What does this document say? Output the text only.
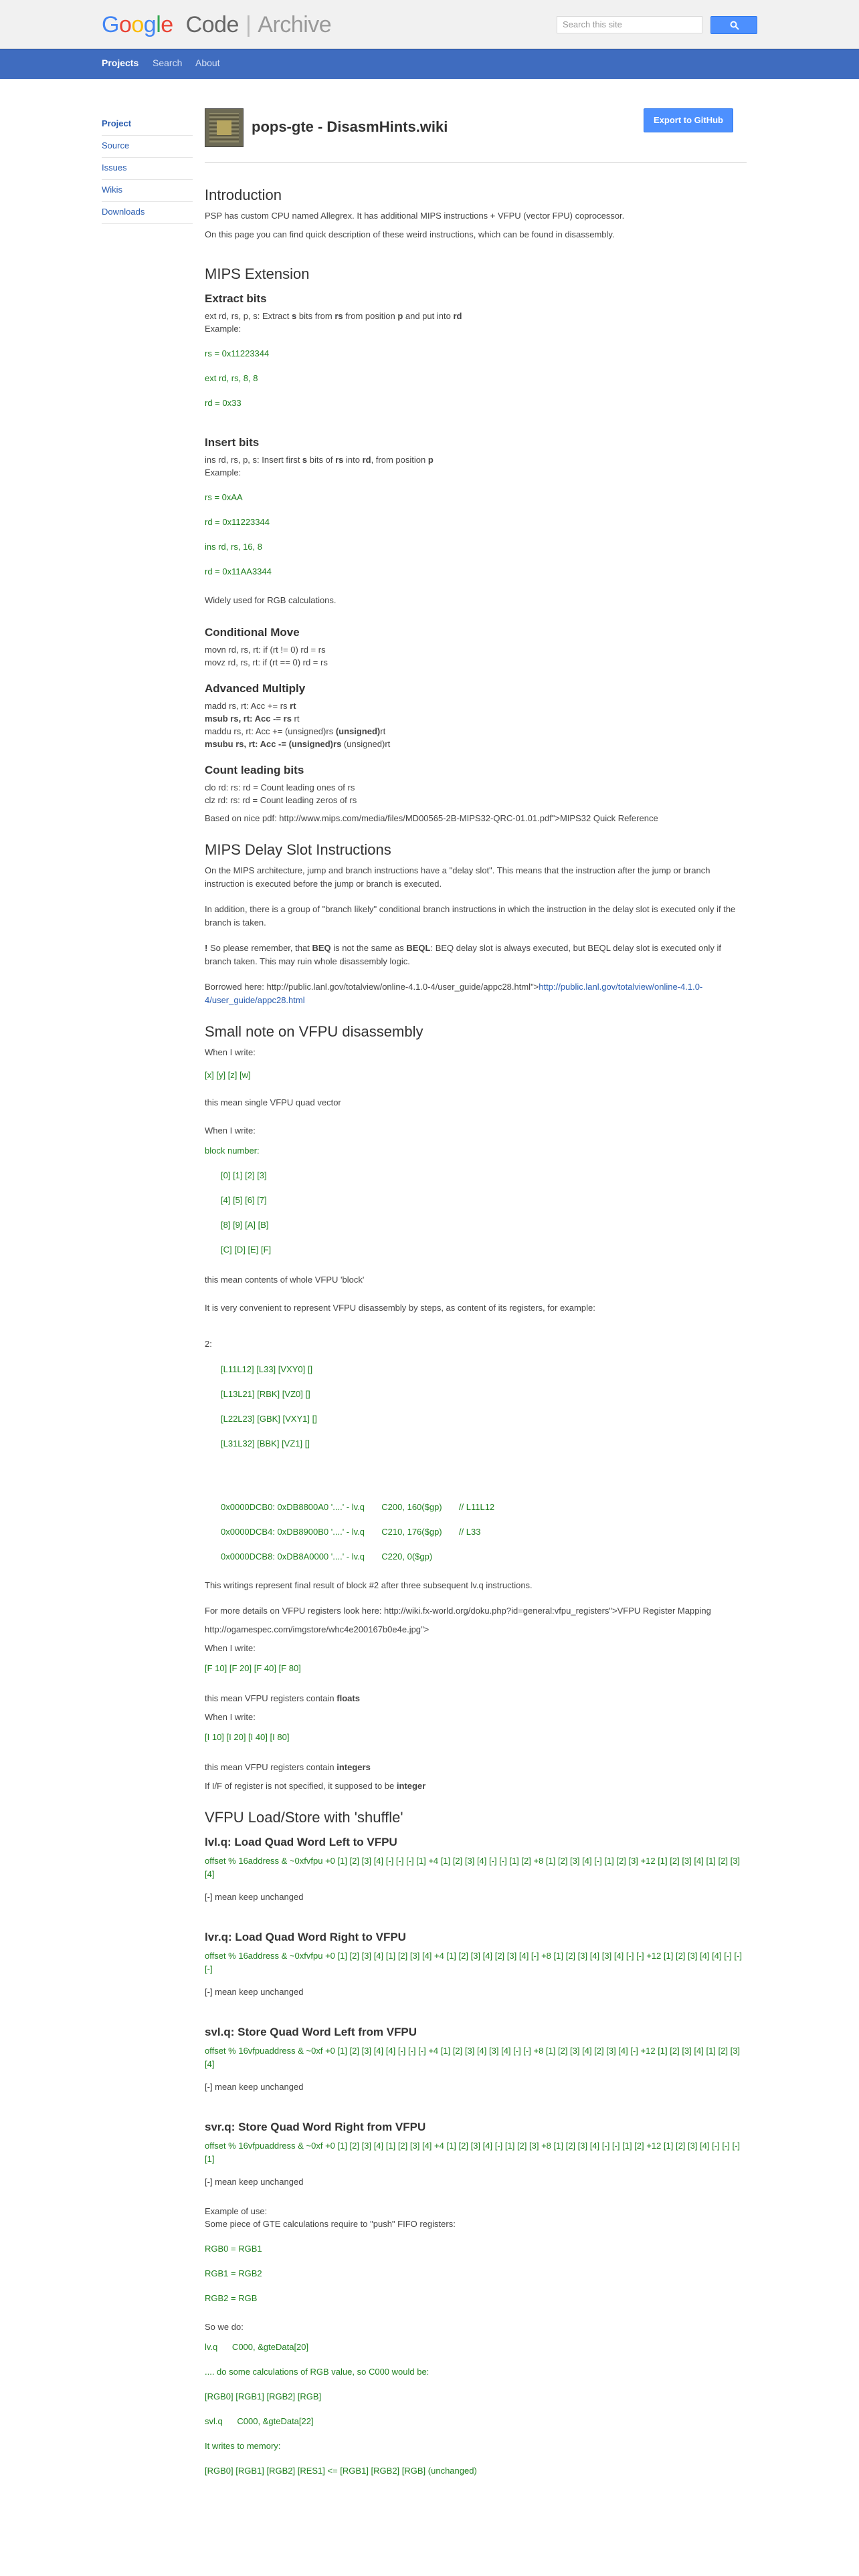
Google Code | Archive	Search this site
Projects Search About
Project
Source
Issues
Wikis
Downloads
pops-gte - DisasmHints.wiki	Export to GitHub
Introduction

PSP has custom CPU named Allegrex. It has additional MIPS instructions + VFPU (vector FPU) coprocessor.

On this page you can find quick description of these weird instructions, which can be found in disassembly.

MIPS Extension
Extract bits

ext rd, rs, p, s: Extract s bits from rs from position p and put into rd

Example:

rs = 0x11223344
ext rd, rs, 8, 8
rd = 0x33
Insert bits

ins rd, rs, p, s: Insert first s bits of rs into rd, from position p

Example:

rs = 0xAA
rd = 0x11223344
ins rd, rs, 16, 8
rd = 0x11AA3344

Widely used for RGB calculations.

Conditional Move

movn rd, rs, rt: if (rt != 0) rd = rs

movz rd, rs, rt: if (rt == 0) rd = rs

Advanced Multiply

madd rs, rt: Acc += rs rt

msub rs, rt: Acc -= rs rt

maddu rs, rt: Acc += (unsigned)rs (unsigned)rt

msubu rs, rt: Acc -= (unsigned)rs (unsigned)rt

Count leading bits

clo rd: rs: rd = Count leading ones of rs

clz rd: rs: rd = Count leading zeros of rs

Based on nice pdf: http://www.mips.com/media/files/MD00565-2B-MIPS32-QRC-01.01.pdf">MIPS32 Quick Reference

MIPS Delay Slot Instructions

On the MIPS architecture, jump and branch instructions have a "delay slot". This means that the instruction after the jump or branch instruction is executed before the jump or branch is executed.

In addition, there is a group of "branch likely" conditional branch instructions in which the instruction in the delay slot is executed only if the branch is taken.

! So please remember, that BEQ is not the same as BEQL: BEQ delay slot is always executed, but BEQL delay slot is executed only if branch taken. This may ruin whole disassembly logic.

Borrowed here: http://public.lanl.gov/totalview/online-4.1.0-4/user_guide/appc28.html">http://public.lanl.gov/totalview/online-4.1.0-4/user_guide/appc28.html

Small note on VFPU disassembly

When I write:

[x] [y] [z] [w]

this mean single VFPU quad vector

When I write:

block number:
[0] [1] [2] [3]
[4] [5] [6] [7]
[8] [9] [A] [B]
[C] [D] [E] [F]

this mean contents of whole VFPU 'block'

It is very convenient to represent VFPU disassembly by steps, as content of its registers, for example:

2:

[L11L12] [L33] [VXY0] []
[L13L21] [RBK] [VZ0] []
[L22L23] [GBK] [VXY1] []
[L31L32] [BBK] [VZ1] []
0x0000DCB0: 0xDB8800A0 '....' - lv.q       C200, 160($gp)       // L11L12
0x0000DCB4: 0xDB8900B0 '....' - lv.q       C210, 176($gp)       // L33
0x0000DCB8: 0xDB8A0000 '....' - lv.q       C220, 0($gp)

This writings represent final result of block #2 after three subsequent lv.q instructions.

For more details on VFPU registers look here: http://wiki.fx-world.org/doku.php?id=general:vfpu_registers">VFPU Register Mapping

http://ogamespec.com/imgstore/whc4e200167b0e4e.jpg">

When I write:

[F 10] [F 20] [F 40] [F 80]

this mean VFPU registers contain floats

When I write:

[I 10] [I 20] [I 40] [I 80]

this mean VFPU registers contain integers

If I/F of register is not specified, it supposed to be integer

VFPU Load/Store with 'shuffle'
lvl.q: Load Quad Word Left to VFPU

offset % 16address & ~0xfvfpu +0 [1] [2] [3] [4] [-] [-] [-] [1] +4 [1] [2] [3] [4] [-] [-] [1] [2] +8 [1] [2] [3] [4] [-] [1] [2] [3] +12 [1] [2] [3] [4] [1] [2] [3] [4]

[-] mean keep unchanged

lvr.q: Load Quad Word Right to VFPU

offset % 16address & ~0xfvfpu +0 [1] [2] [3] [4] [1] [2] [3] [4] +4 [1] [2] [3] [4] [2] [3] [4] [-] +8 [1] [2] [3] [4] [3] [4] [-] [-] +12 [1] [2] [3] [4] [4] [-] [-] [-]

[-] mean keep unchanged

svl.q: Store Quad Word Left from VFPU

offset % 16vfpuaddress & ~0xf +0 [1] [2] [3] [4] [4] [-] [-] [-] +4 [1] [2] [3] [4] [3] [4] [-] [-] +8 [1] [2] [3] [4] [2] [3] [4] [-] +12 [1] [2] [3] [4] [1] [2] [3] [4]

[-] mean keep unchanged

svr.q: Store Quad Word Right from VFPU

offset % 16vfpuaddress & ~0xf +0 [1] [2] [3] [4] [1] [2] [3] [4] +4 [1] [2] [3] [4] [-] [1] [2] [3] +8 [1] [2] [3] [4] [-] [-] [1] [2] +12 [1] [2] [3] [4] [-] [-] [-] [1]

[-] mean keep unchanged

Example of use:

Some piece of GTE calculations require to "push" FIFO registers:

RGB0 = RGB1
RGB1 = RGB2
RGB2 = RGB

So we do:

lv.q      C000, &gteData[20]
.... do some calculations of RGB value, so C000 would be:
[RGB0] [RGB1] [RGB2] [RGB]
svl.q      C000, &gteData[22]
It writes to memory:
[RGB0] [RGB1] [RGB2] [RES1] <= [RGB1] [RGB2] [RGB] (unchanged)
